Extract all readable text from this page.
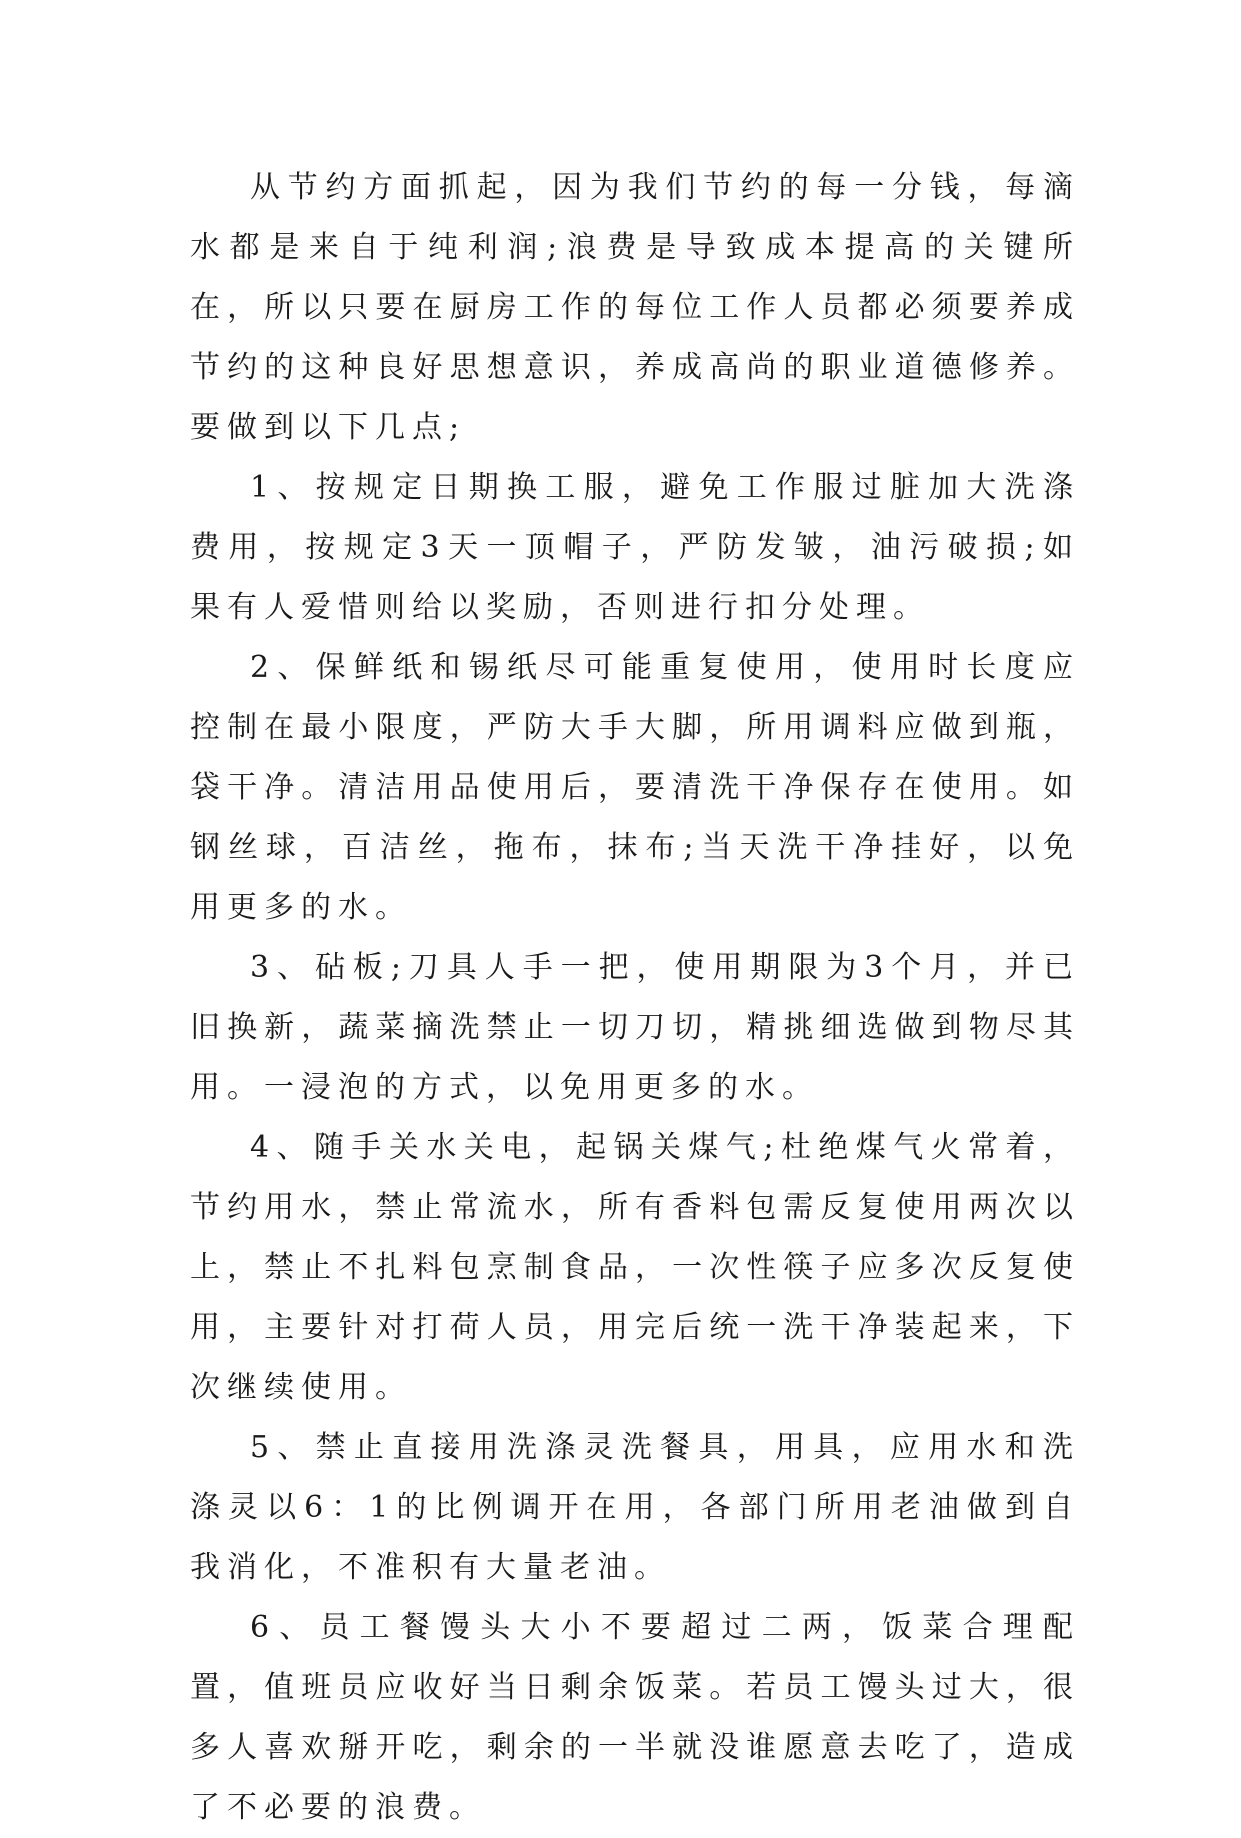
从节约方面抓起，因为我们节约的每一分钱，每滴水都是来自于纯利润;浪费是导致成本提高的关键所在，所以只要在厨房工作的每位工作人员都必须要养成节约的这种良好思想意识，养成高尚的职业道德修养。要做到以下几点;

1、按规定日期换工服，避免工作服过脏加大洗涤费用，按规定3天一顶帽子，严防发皱，油污破损;如果有人爱惜则给以奖励，否则进行扣分处理。

2、保鲜纸和锡纸尽可能重复使用，使用时长度应控制在最小限度，严防大手大脚，所用调料应做到瓶，袋干净。清洁用品使用后，要清洗干净保存在使用。如钢丝球，百洁丝，拖布，抹布;当天洗干净挂好，以免用更多的水。

3、砧板;刀具人手一把，使用期限为3个月，并已旧换新，蔬菜摘洗禁止一切刀切，精挑细选做到物尽其用。一浸泡的方式，以免用更多的水。

4、随手关水关电，起锅关煤气;杜绝煤气火常着，节约用水，禁止常流水，所有香料包需反复使用两次以上，禁止不扎料包烹制食品，一次性筷子应多次反复使用，主要针对打荷人员，用完后统一洗干净装起来，下次继续使用。

5、禁止直接用洗涤灵洗餐具，用具，应用水和洗涤灵以6：1的比例调开在用，各部门所用老油做到自我消化，不准积有大量老油。

6、员工餐馒头大小不要超过二两，饭菜合理配置，值班员应收好当日剩余饭菜。若员工馒头过大，很多人喜欢掰开吃，剩余的一半就没谁愿意去吃了，造成了不必要的浪费。
